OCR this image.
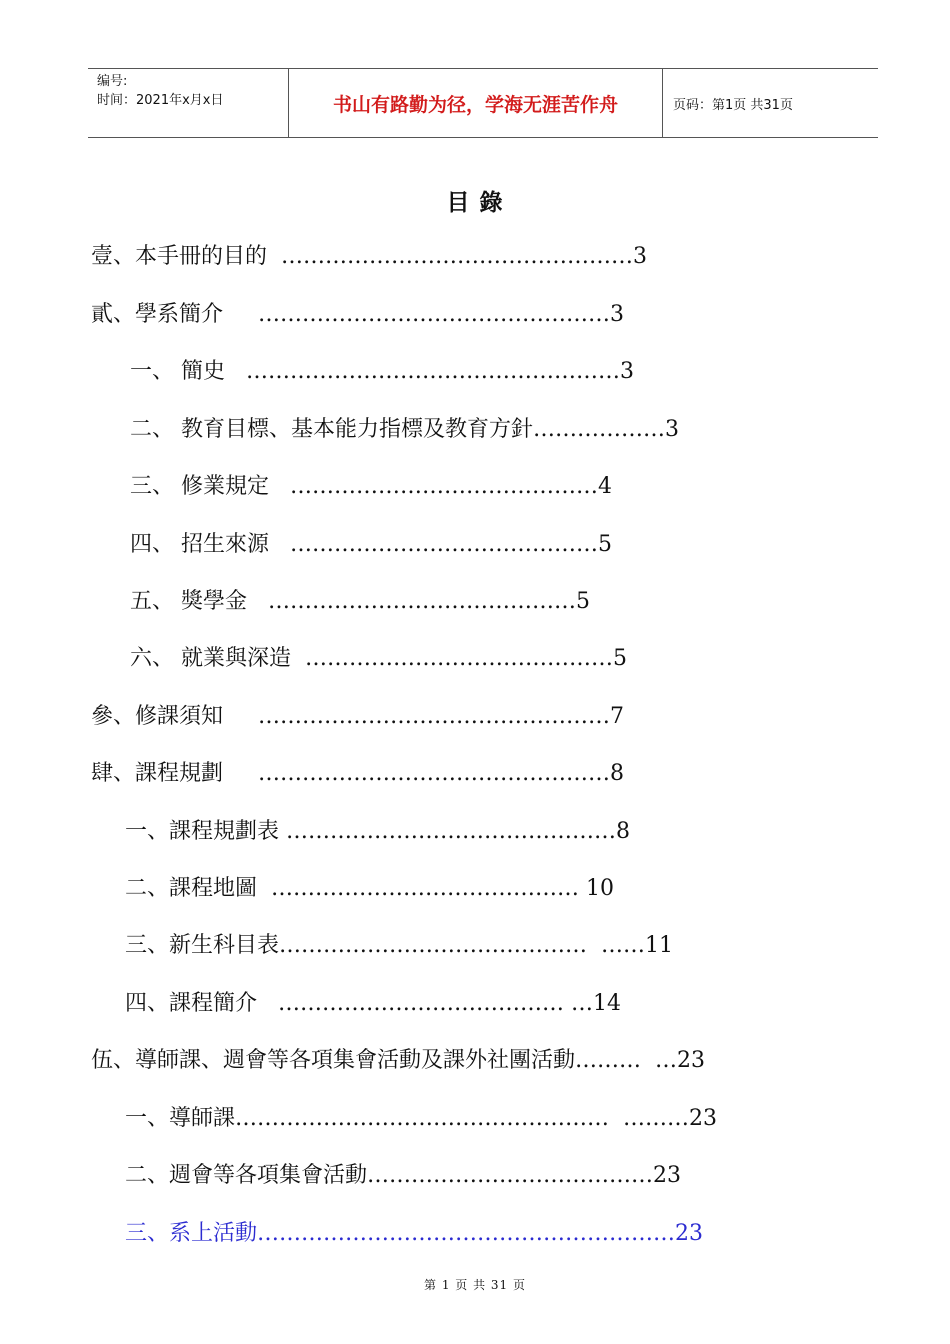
编号:
时间：2021年x月x日	书山有路勤为径，学海无涯苦作舟	页码：第1页 共31页
目 錄
壹、本手冊的目的  …………………………………………3
貳、學系簡介     …………………………………………3
一、 簡史   ……………………………………………3
二、 教育目標、基本能力指標及教育方針………………3
三、 修業規定   ……………………………………4
四、 招生來源   ……………………………………5
五、 獎學金   ……………………………………5
六、 就業與深造  ……………………………………5
參、修課須知     …………………………………………7
肆、課程規劃     …………………………………………8
一、課程規劃表 ………………………………………8
二、課程地圖  …………………………………… 10
三、新生科目表……………………………………  ……11
四、課程簡介   ………………………………… …14
伍、導師課、週會等各項集會活動及課外社團活動………  …23
一、導師課……………………………………………  ………23
二、週會等各項集會活動…………………………………23
三、系上活動…………………………………………………23
第 1 页 共 31 页
